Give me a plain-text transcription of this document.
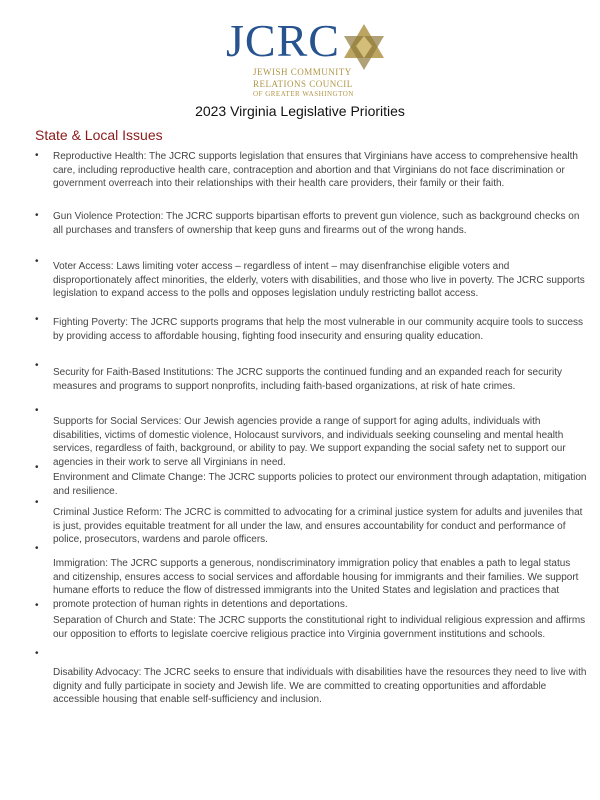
JCRC
JEWISH COMMUNITY
RELATIONS COUNCIL
OF GREATER WASHINGTON
2023 Virginia Legislative Priorities
State & Local Issues
• Reproductive Health: The JCRC supports legislation that ensures that Virginians have access to comprehensive health care, including reproductive health care, contraception and abortion and that Virginians do not face discrimination or government overreach into their relationships with their health care providers, their family or their faith.
• Gun Violence Protection: The JCRC supports bipartisan efforts to prevent gun violence, such as background checks on all purchases and transfers of ownership that keep guns and firearms out of the wrong hands.
• Voter Access: Laws limiting voter access – regardless of intent – may disenfranchise eligible voters and disproportionately affect minorities, the elderly, voters with disabilities, and those who live in poverty. The JCRC supports legislation to expand access to the polls and opposes legislation unduly restricting ballot access.
• Fighting Poverty: The JCRC supports programs that help the most vulnerable in our community acquire tools to success by providing access to affordable housing, fighting food insecurity and ensuring quality education.
•
Security for Faith-Based Institutions: The JCRC supports the continued funding and an expanded reach for security measures and programs to support nonprofits, including faith-based organizations, at risk of hate crimes.
•
Supports for Social Services: Our Jewish agencies provide a range of support for aging adults, individuals with disabilities, victims of domestic violence, Holocaust survivors, and individuals seeking counseling and mental health services, regardless of faith, background, or ability to pay. We support expanding the social safety net to support our agencies in their work to serve all Virginians in need.
•
Environment and Climate Change: The JCRC supports policies to protect our environment through adaptation, mitigation and resilience.
•
Criminal Justice Reform: The JCRC is committed to advocating for a criminal justice system for adults and juveniles that is just, provides equitable treatment for all under the law, and ensures accountability for conduct and performance of police, prosecutors, wardens and parole officers.
•
Immigration: The JCRC supports a generous, nondiscriminatory immigration policy that enables a path to legal status and citizenship, ensures access to social services and affordable housing for immigrants and their families. We support humane efforts to reduce the flow of distressed immigrants into the United States and legislation and practices that promote protection of human rights in detentions and deportations.
•
Separation of Church and State: The JCRC supports the constitutional right to individual religious expression and affirms our opposition to efforts to legislate coercive religious practice into Virginia government institutions and schools.
•
Disability Advocacy: The JCRC seeks to ensure that individuals with disabilities have the resources they need to live with dignity and fully participate in society and Jewish life. We are committed to creating opportunities and affordable accessible housing that enable self-sufficiency and inclusion.
